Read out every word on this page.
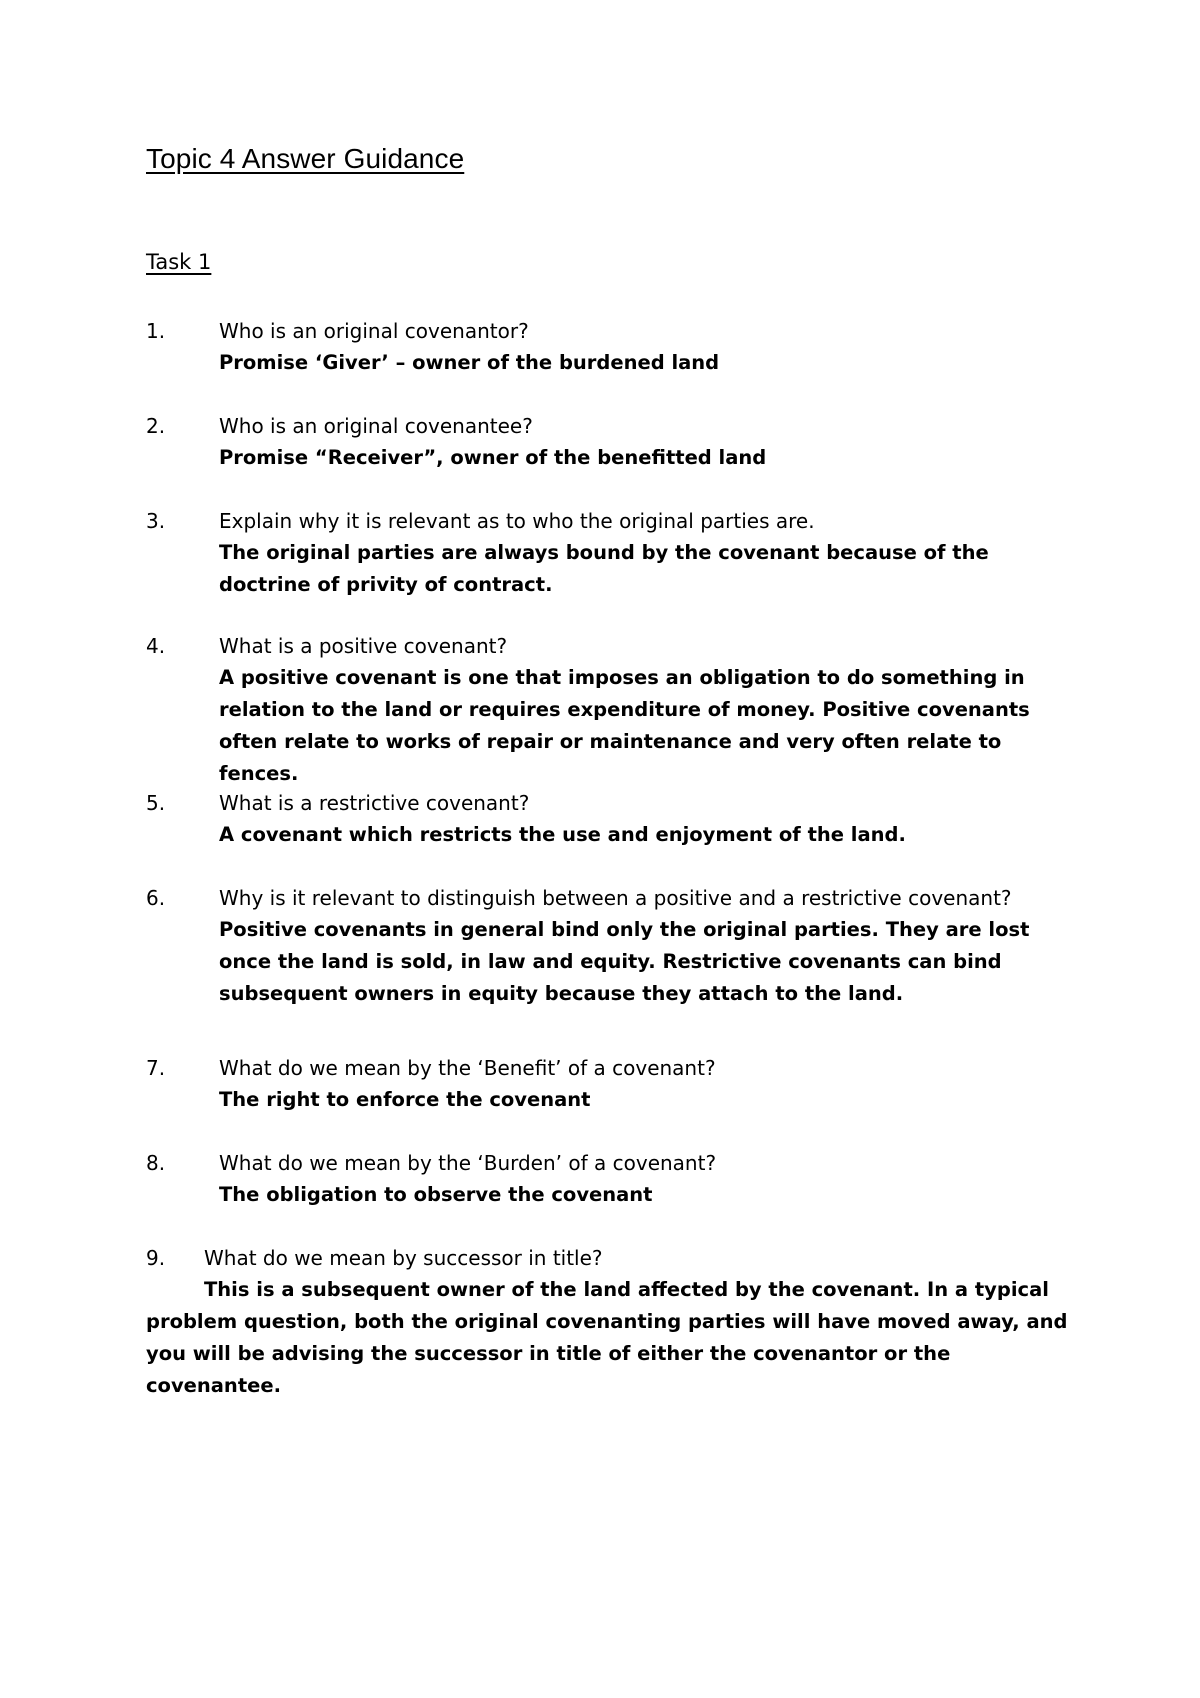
Topic 4 Answer Guidance
Task 1
1.	Who is an original covenantor?
Promise ‘Giver’ – owner of the burdened land
2.	Who is an original covenantee?
Promise “Receiver”, owner of the benefitted land
3.	Explain why it is relevant as to who the original parties are.
The original parties are always bound by the covenant because of the doctrine of privity of contract.
4.	What is a positive covenant?
A positive covenant is one that imposes an obligation to do something in relation to the land or requires expenditure of money. Positive covenants often relate to works of repair or maintenance and very often relate to fences.
5.	What is a restrictive covenant?
A covenant which restricts the use and enjoyment of the land.
6.	Why is it relevant to distinguish between a positive and a restrictive covenant?
Positive covenants in general bind only the original parties. They are lost once the land is sold, in law and equity. Restrictive covenants can bind subsequent owners in equity because they attach to the land.
7.	What do we mean by the ‘Benefit’ of a covenant?
The right to enforce the covenant
8.	What do we mean by the ‘Burden’ of a covenant?
The obligation to observe the covenant
9. What do we mean by successor in title?
This is a subsequent owner of the land affected by the covenant. In a typical problem question, both the original covenanting parties will have moved away, and you will be advising the successor in title of either the covenantor or the covenantee.
